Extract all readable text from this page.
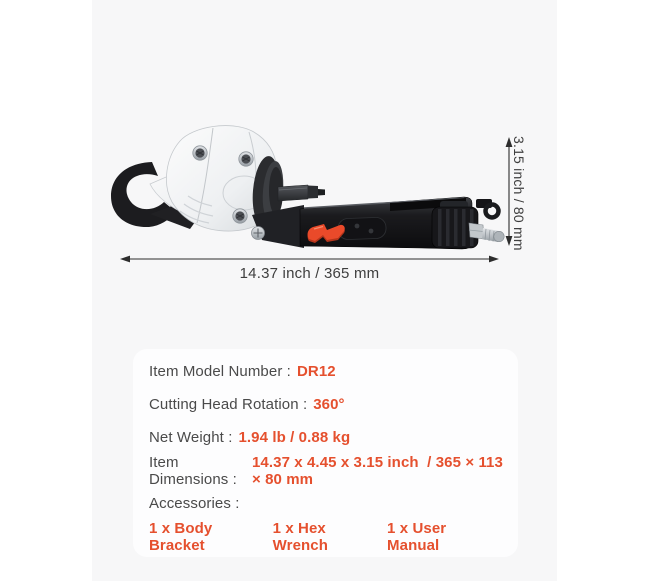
14.37 inch / 365 mm
3.15 inch / 80 mm
Item Model Number : DR12
Cutting Head Rotation : 360°
Net Weight : 1.94 lb / 0.88 kg
Item Dimensions :
14.37 x 4.45 x 3.15 inch  / 365 × 113 × 80 mm
Accessories :
1 x Body Bracket
1 x Hex Wrench
1 x User Manual
